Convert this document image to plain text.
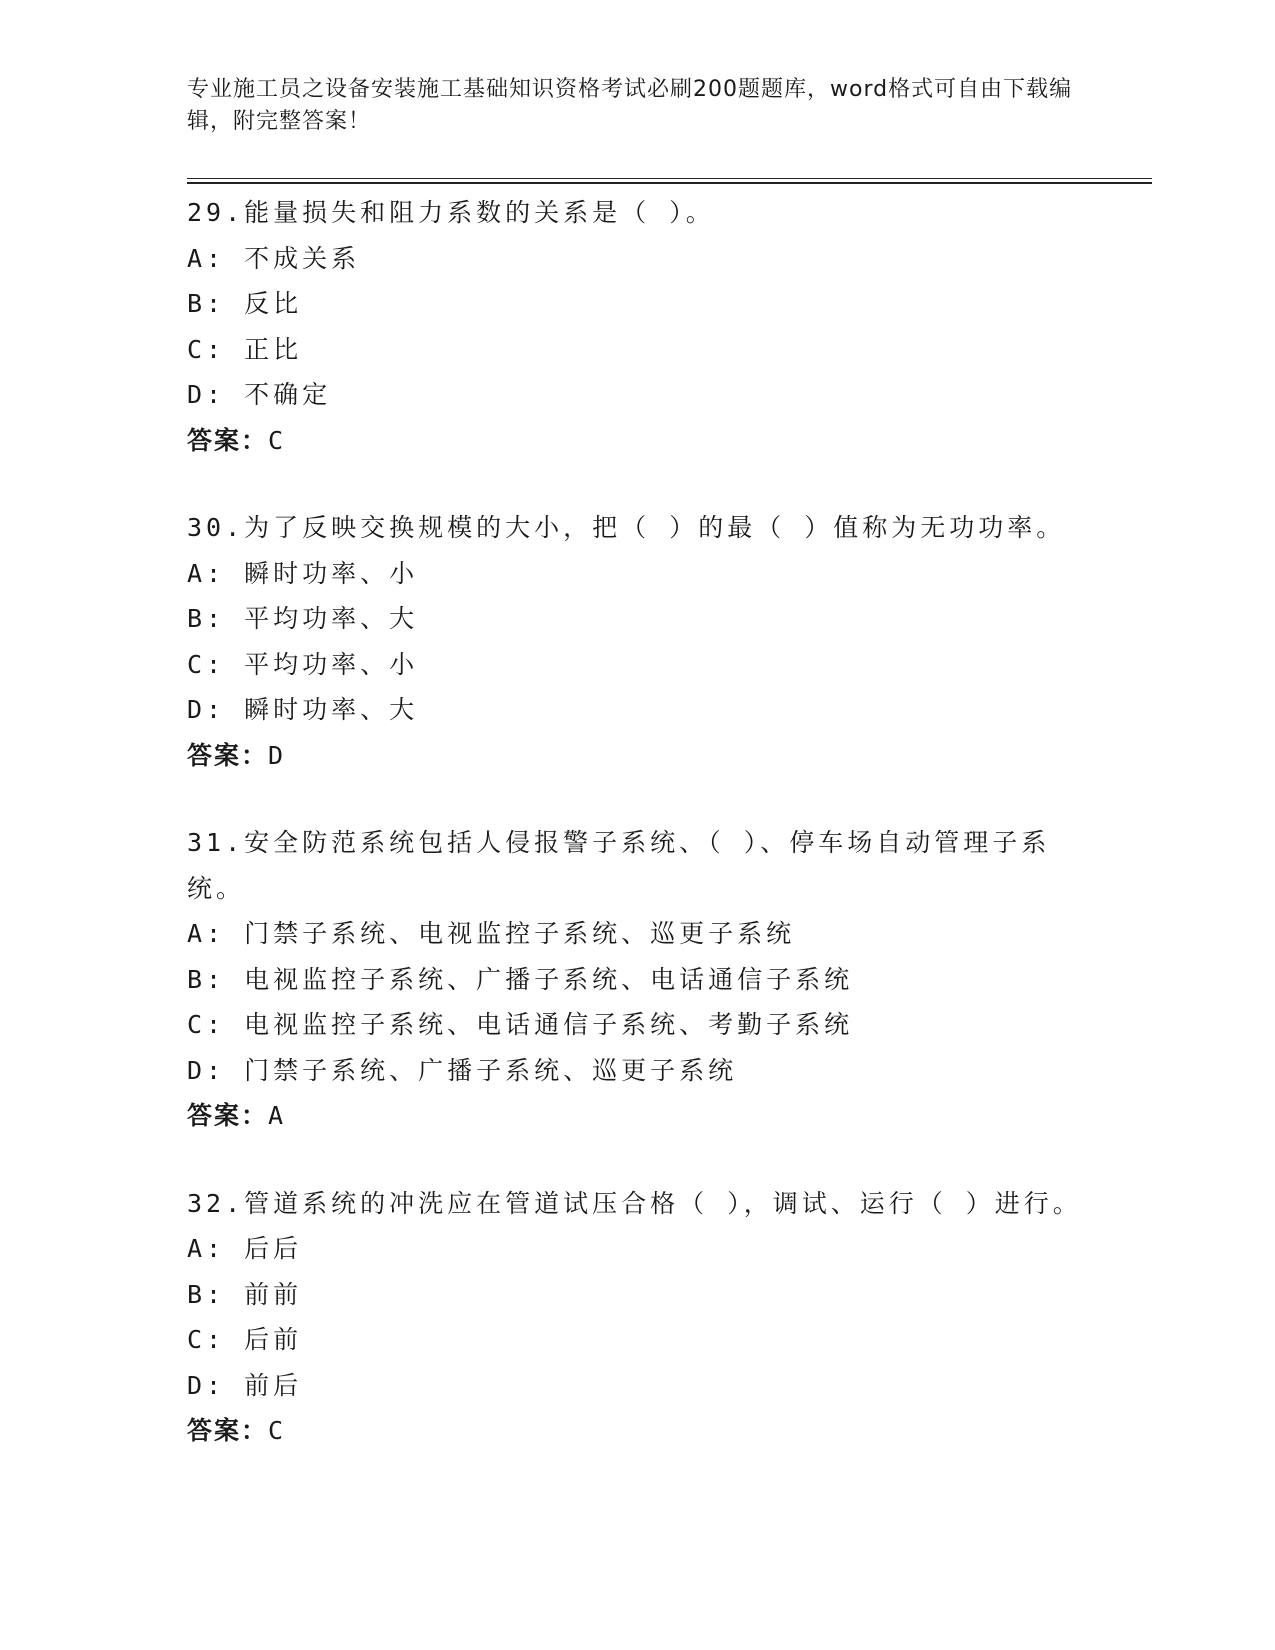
专业施工员之设备安装施工基础知识资格考试必刷200题题库，word格式可自由下载编辑，附完整答案！
29.能量损失和阻力系数的关系是（ ）。
A: 不成关系
B: 反比
C: 正比
D: 不确定
答案：C
30.为了反映交换规模的大小，把（ ）的最（ ）值称为无功功率。
A: 瞬时功率、小
B: 平均功率、大
C: 平均功率、小
D: 瞬时功率、大
答案：D
31.安全防范系统包括人侵报警子系统、（ ）、停车场自动管理子系统。
A: 门禁子系统、电视监控子系统、巡更子系统
B: 电视监控子系统、广播子系统、电话通信子系统
C: 电视监控子系统、电话通信子系统、考勤子系统
D: 门禁子系统、广播子系统、巡更子系统
答案：A
32.管道系统的冲洗应在管道试压合格（ ），调试、运行（ ）进行。
A: 后后
B: 前前
C: 后前
D: 前后
答案：C
